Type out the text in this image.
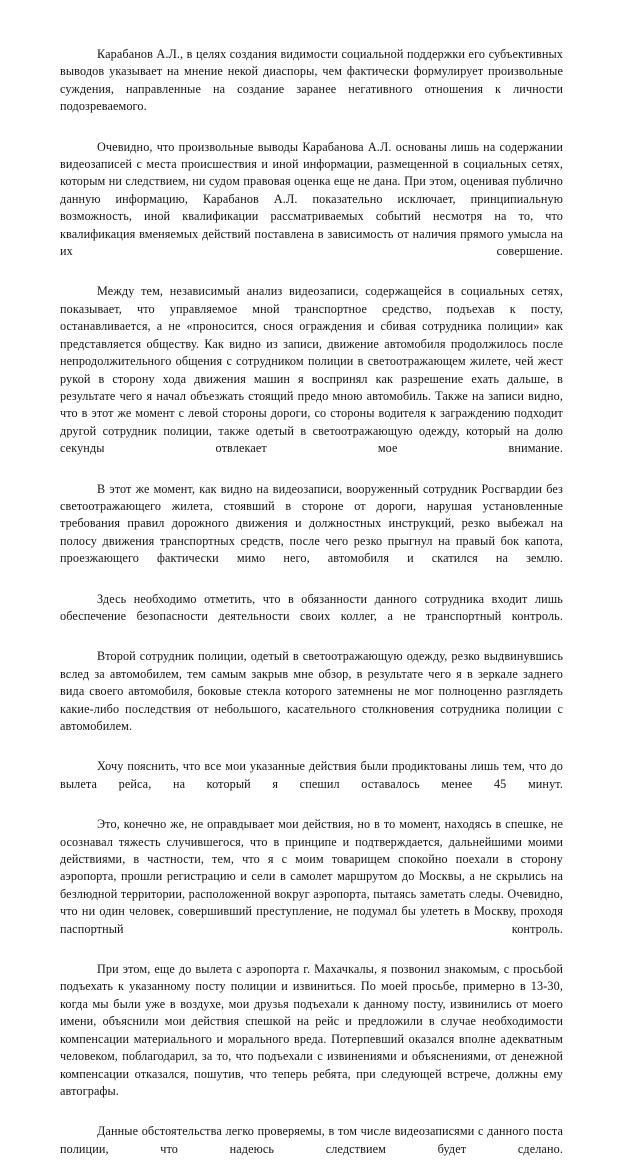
Карабанов А.Л., в целях создания видимости социальной поддержки его субъективных выводов указывает на мнение некой диаспоры, чем фактически формулирует произвольные суждения, направленные на создание заранее негативного отношения к личности подозреваемого.

Очевидно, что произвольные выводы Карабанова А.Л. основаны лишь на содержании видеозаписей с места происшествия и иной информации, размещенной в социальных сетях, которым ни следствием, ни судом правовая оценка еще не дана. При этом, оценивая публично данную информацию, Карабанов А.Л. показательно исключает, принципиальную возможность, иной квалификации рассматриваемых событий несмотря на то, что квалификация вменяемых действий поставлена в зависимость от наличия прямого умысла на их совершение.

Между тем, независимый анализ видеозаписи, содержащейся в социальных сетях, показывает, что управляемое мной транспортное средство, подъехав к посту, останавливается, а не «проносится, снося ограждения и сбивая сотрудника полиции» как представляется обществу. Как видно из записи, движение автомобиля продолжилось после непродолжительного общения с сотрудником полиции в светоотражающем жилете, чей жест рукой в сторону хода движения машин я воспринял как разрешение ехать дальше, в результате чего я начал объезжать стоящий предо мною автомобиль. Также на записи видно, что в этот же момент с левой стороны дороги, со стороны водителя к заграждению подходит другой сотрудник полиции, также одетый в светоотражающую одежду, который на долю секунды отвлекает мое внимание.

В этот же момент, как видно на видеозаписи, вооруженный сотрудник Росгвардии без светоотражающего жилета, стоявший в стороне от дороги, нарушая установленные требования правил дорожного движения и должностных инструкций, резко выбежал на полосу движения транспортных средств, после чего резко прыгнул на правый бок капота, проезжающего фактически мимо него, автомобиля и скатился на землю.

Здесь необходимо отметить, что в обязанности данного сотрудника входит лишь обеспечение безопасности деятельности своих коллег, а не транспортный контроль.

Второй сотрудник полиции, одетый в светоотражающую одежду, резко выдвинувшись вслед за автомобилем, тем самым закрыв мне обзор, в результате чего я в зеркале заднего вида своего автомобиля, боковые стекла которого затемнены не мог полноценно разглядеть какие-либо последствия от небольшого, касательного столкновения сотрудника полиции с автомобилем.

Хочу пояснить, что все мои указанные действия были продиктованы лишь тем, что до вылета рейса, на который я спешил оставалось менее 45 минут.

Это, конечно же, не оправдывает мои действия, но в то момент, находясь в спешке, не осознавал тяжесть случившегося, что в принципе и подтверждается, дальнейшими моими действиями, в частности, тем, что я с моим товарищем спокойно поехали в сторону аэропорта, прошли регистрацию и сели в самолет маршрутом до Москвы, а не скрылись на безлюдной территории, расположенной вокруг аэропорта, пытаясь заметать следы. Очевидно, что ни один человек, совершивший преступление, не подумал бы улететь в Москву, проходя паспортный контроль.

При этом, еще до вылета с аэропорта г. Махачкалы, я позвонил знакомым, с просьбой подъехать к указанному посту полиции и извиниться. По моей просьбе, примерно в 13-30, когда мы были уже в воздухе, мои друзья подъехали к данному посту, извинились от моего имени, объяснили мои действия спешкой на рейс и предложили в случае необходимости компенсации материального и морального вреда. Потерпевший оказался вполне адекватным человеком, поблагодарил, за то, что подъехали с извинениями и объяснениями, от денежной компенсации отказался, пошутив, что теперь ребята, при следующей встрече, должны ему автографы.

Данные обстоятельства легко проверяемы, в том числе видеозаписями с данного поста полиции, что надеюсь следствием будет сделано.
